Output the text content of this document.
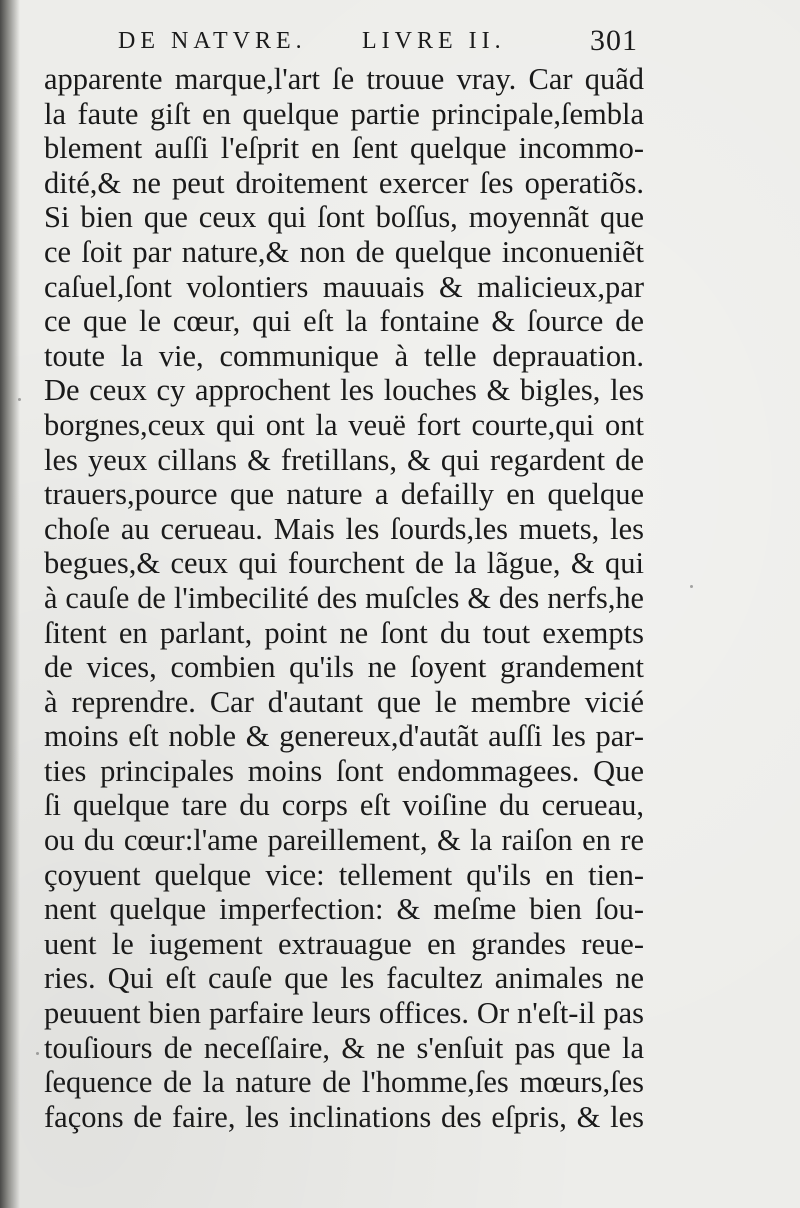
DE NATVRE. LIVRE II.	301
apparente marque,l'art ſe trouue vray. Car quãd
la faute giſt en quelque partie principale,ſembla
blement auſſi l'eſprit en ſent quelque incommo-
dité,& ne peut droitement exercer ſes operatiõs.
Si bien que ceux qui ſont boſſus, moyennãt que
ce ſoit par nature,& non de quelque inconueniẽt
caſuel,ſont volontiers mauuais & malicieux,par
ce que le cœur, qui eſt la fontaine & ſource de
toute la vie, communique à telle deprauation.
De ceux cy approchent les louches & bigles, les
borgnes,ceux qui ont la veuë fort courte,qui ont
les yeux cillans & fretillans, & qui regardent de
trauers,pource que nature a defailly en quelque
choſe au cerueau. Mais les ſourds,les muets, les
begues,& ceux qui fourchent de la lãgue, & qui
à cauſe de l'imbecilité des muſcles & des nerfs,he
ſitent en parlant, point ne ſont du tout exempts
de vices, combien qu'ils ne ſoyent grandement
à reprendre. Car d'autant que le membre vicié
moins eſt noble & genereux,d'autãt auſſi les par-
ties principales moins ſont endommagees. Que
ſi quelque tare du corps eſt voiſine du cerueau,
ou du cœur:l'ame pareillement, & la raiſon en re
çoyuent quelque vice: tellement qu'ils en tien-
nent quelque imperfection: & meſme bien ſou-
uent le iugement extrauague en grandes reue-
ries. Qui eſt cauſe que les facultez animales ne
peuuent bien parfaire leurs offices. Or n'eſt-il pas
touſiours de neceſſaire, & ne s'enſuit pas que la
ſequence de la nature de l'homme,ſes mœurs,ſes
façons de faire, les inclinations des eſpris, & les
